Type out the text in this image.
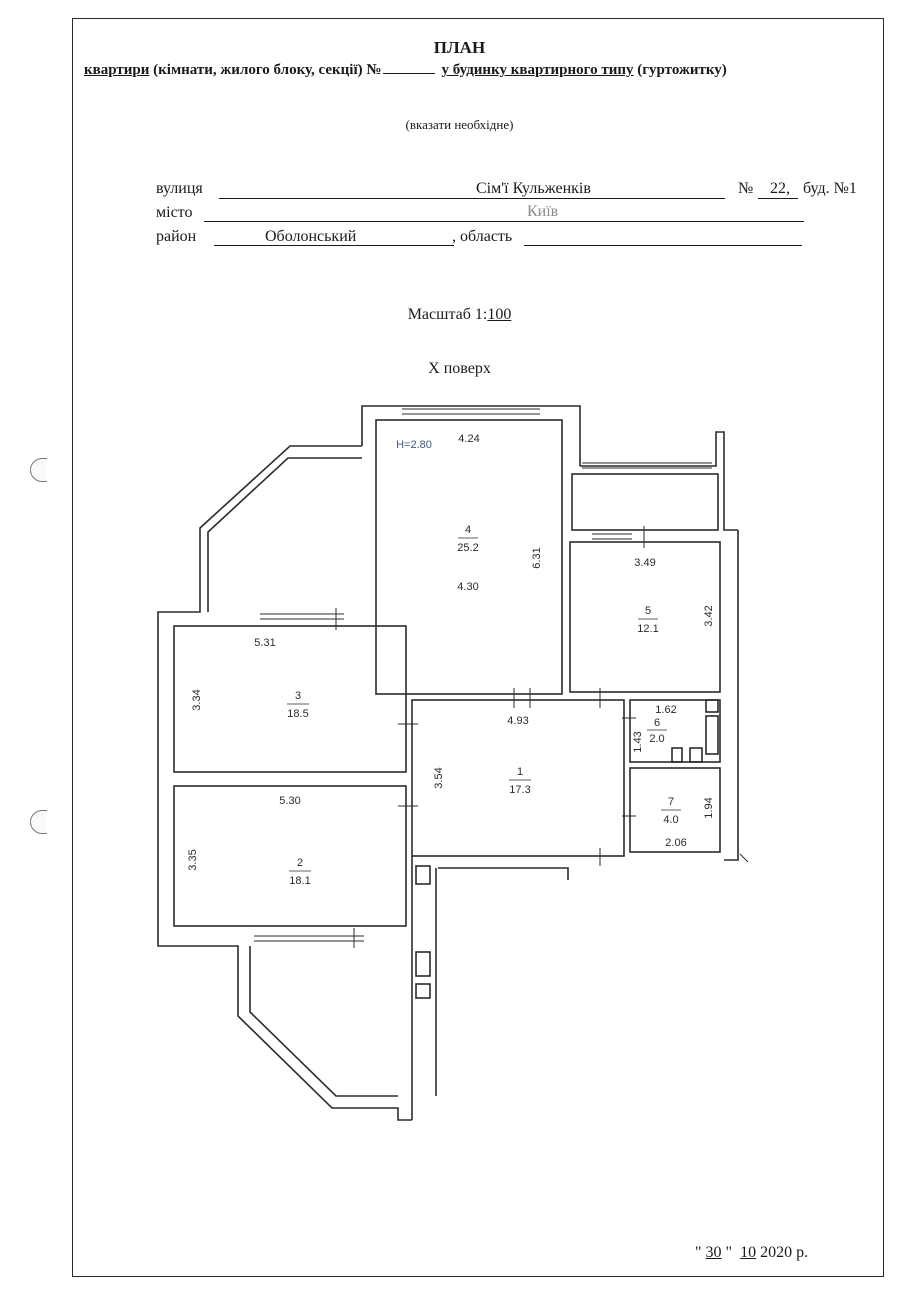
ПЛАН
квартири (кімнати, жилого блоку, секції) №	у будинку квартирного типу (гуртожитку)
(вказати необхідне)
вулиця	Сім'ї Кульженків	№ 22, буд. №1
місто	Київ
район	Оболонський	, область
Масштаб 1:100
Х поверх
Н=2.80 4.24
4
25.2
4.30
6.31	3.49
5
12.1
3.42
5.31
3
18.5
3.34
4.93
1
17.3
3.54
1.62
6
2.0
1.43
7
4.0
2.06
1.94
5.30
2
18.1
3.35
" 30 " 10 2020 р.
